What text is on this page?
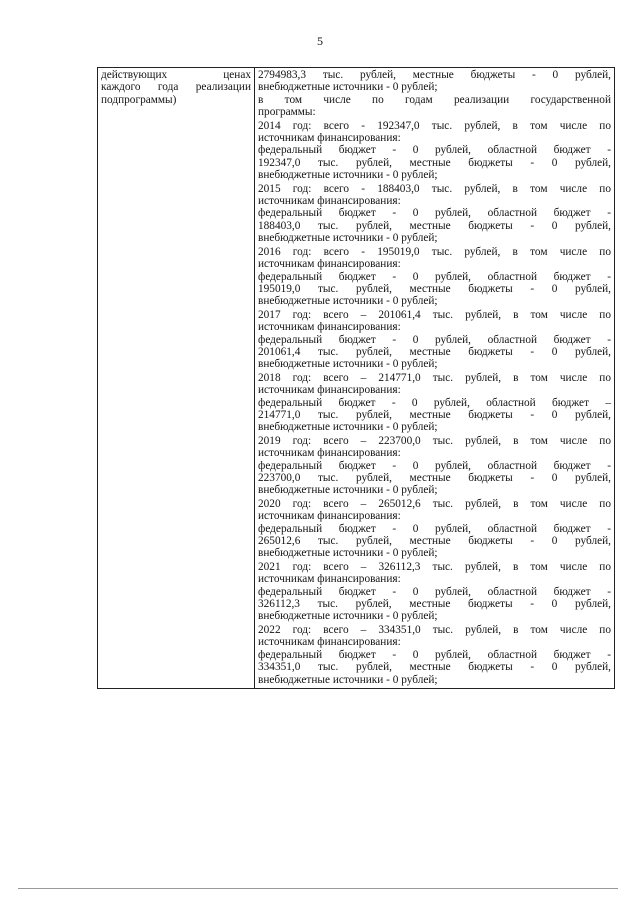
5
действующих ценах
каждого года реализации
подпрограммы)

2794983,3 тыс. рублей, местные бюджеты - 0 рублей,
внебюджетные источники - 0 рублей;
в том числе по годам реализации государственной
программы:
2014 год: всего - 192347,0 тыс. рублей, в том числе по
источникам финансирования:
федеральный бюджет - 0 рублей, областной бюджет -
192347,0 тыс. рублей, местные бюджеты - 0 рублей,
внебюджетные источники - 0 рублей;
2015 год: всего - 188403,0 тыс. рублей, в том числе по
источникам финансирования:
федеральный бюджет - 0 рублей, областной бюджет -
188403,0 тыс. рублей, местные бюджеты - 0 рублей,
внебюджетные источники - 0 рублей;
2016 год: всего - 195019,0 тыс. рублей, в том числе по
источникам финансирования:
федеральный бюджет - 0 рублей, областной бюджет -
195019,0 тыс. рублей, местные бюджеты - 0 рублей,
внебюджетные источники - 0 рублей;
2017 год: всего – 201061,4 тыс. рублей, в том числе по
источникам финансирования:
федеральный бюджет - 0 рублей, областной бюджет -
201061,4 тыс. рублей, местные бюджеты - 0 рублей,
внебюджетные источники - 0 рублей;
2018 год: всего – 214771,0 тыс. рублей, в том числе по
источникам финансирования:
федеральный бюджет - 0 рублей, областной бюджет –
214771,0 тыс. рублей, местные бюджеты - 0 рублей,
внебюджетные источники - 0 рублей;
2019 год: всего – 223700,0 тыс. рублей, в том числе по
источникам финансирования:
федеральный бюджет - 0 рублей, областной бюджет -
223700,0 тыс. рублей, местные бюджеты - 0 рублей,
внебюджетные источники - 0 рублей;
2020 год: всего – 265012,6 тыс. рублей, в том числе по
источникам финансирования:
федеральный бюджет - 0 рублей, областной бюджет -
265012,6 тыс. рублей, местные бюджеты - 0 рублей,
внебюджетные источники - 0 рублей;
2021 год: всего – 326112,3 тыс. рублей, в том числе по
источникам финансирования:
федеральный бюджет - 0 рублей, областной бюджет -
326112,3 тыс. рублей, местные бюджеты - 0 рублей,
внебюджетные источники - 0 рублей;
2022 год: всего – 334351,0 тыс. рублей, в том числе по
источникам финансирования:
федеральный бюджет - 0 рублей, областной бюджет -
334351,0 тыс. рублей, местные бюджеты - 0 рублей,
внебюджетные источники - 0 рублей;
